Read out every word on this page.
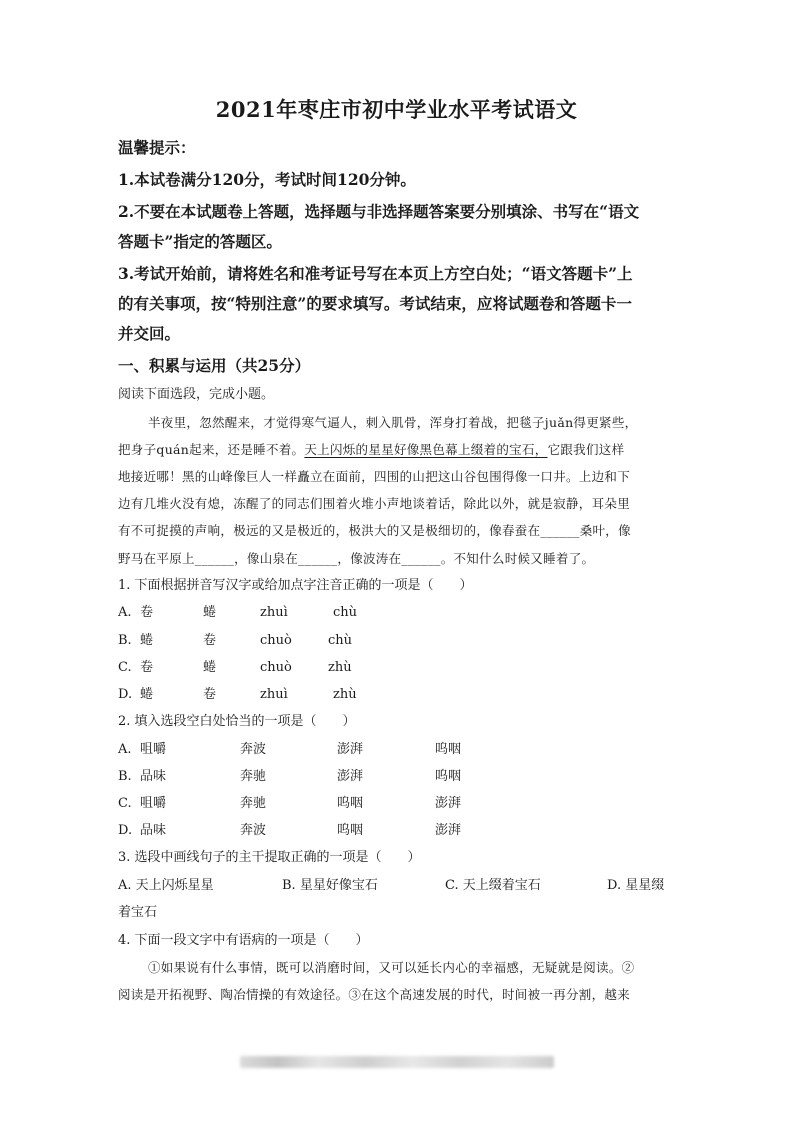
2021年枣庄市初中学业水平考试语文
温馨提示：
1.本试卷满分120分，考试时间120分钟。
2.不要在本试题卷上答题，选择题与非选择题答案要分别填涂、书写在“语文
答题卡”指定的答题区。
3.考试开始前，请将姓名和准考证号写在本页上方空白处；“语文答题卡”上
的有关事项，按“特别注意”的要求填写。考试结束，应将试题卷和答题卡一
并交回。
一、积累与运用（共25分）
阅读下面选段，完成小题。
半夜里，忽然醒来，才觉得寒气逼人，刺入肌骨，浑身打着战，把毯子juǎn得更紧些，
把身子quán起来，还是睡不着。天上闪烁的星星好像黑色幕上缀着的宝石，它跟我们这样
地接近哪！黑的山峰像巨人一样矗立在面前，四围的山把这山谷包围得像一口井。上边和下
边有几堆火没有熄，冻醒了的同志们围着火堆小声地谈着话，除此以外，就是寂静，耳朵里
有不可捉摸的声响，极远的又是极近的，极洪大的又是极细切的，像春蚕在______桑叶，像
野马在平原上______，像山泉在______，像波涛在______。不知什么时候又睡着了。
1. 下面根据拼音写汉字或给加点字注音正确的一项是（　　）
A. 卷	蜷	zhuì	chù
B. 蜷	卷	chuò	chù
C. 卷	蜷	chuò	zhù
D. 蜷	卷	zhuì	zhù
2. 填入选段空白处恰当的一项是（　　）
A. 咀嚼	奔波	澎湃	呜咽
B. 品味	奔驰	澎湃	呜咽
C. 咀嚼	奔驰	呜咽	澎湃
D. 品味	奔波	呜咽	澎湃
3. 选段中画线句子的主干提取正确的一项是（　　）
A. 天上闪烁星星	B. 星星好像宝石	C. 天上缀着宝石	D. 星星缀
着宝石
4. 下面一段文字中有语病的一项是（　　）
①如果说有什么事情，既可以消磨时间，又可以延长内心的幸福感，无疑就是阅读。②
阅读是开拓视野、陶冶情操的有效途径。③在这个高速发展的时代，时间被一再分割，越来
